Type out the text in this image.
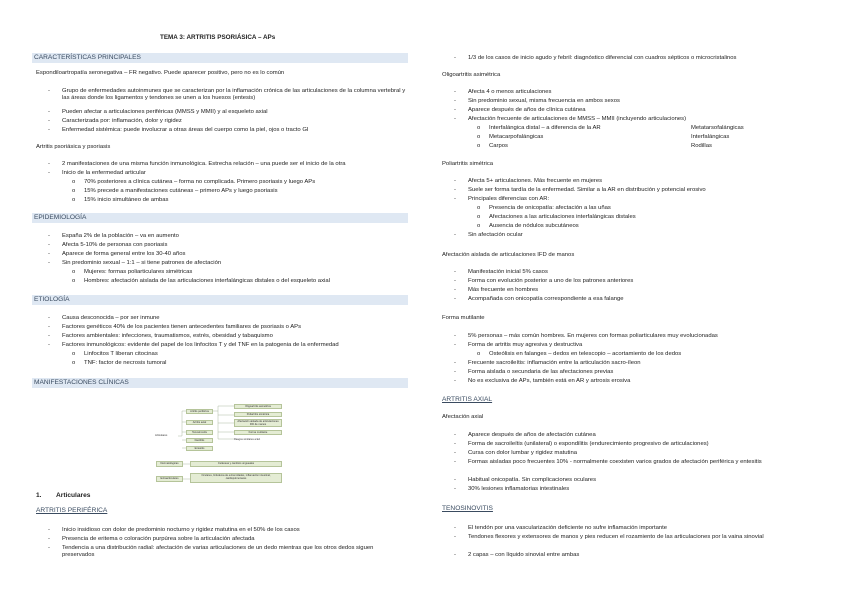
TEMA 3: ARTRITIS PSORIÁSICA – APs
CARACTERÍSTICAS PRINCIPALES
Espondiloartropatía seronegativa – FR negativo. Puede aparecer positivo, pero no es lo común
- Grupo de enfermedades autoinmunes que se caracterizan por la inflamación crónica de las articulaciones de la columna vertebral y las áreas donde los ligamentos y tendones se unen a los huesos (entesis)
- Pueden afectar a articulaciones periféricas (MMSS y MMII) y al esqueleto axial
- Caracterizada por: inflamación, dolor y rigidez
- Enfermedad sistémica: puede involucrar a otras áreas del cuerpo como la piel, ojos o tracto GI
Artritis psoriásica y psoriasis
- 2 manifestaciones de una misma función inmunológica. Estrecha relación – una puede ser el inicio de la otra
- Inicio de la enfermedad articular
o 70% posteriores a clínica cutánea – forma no complicada. Primero psoriasis y luego APs
o 15% precede a manifestaciones cutáneas – primero APs y luego psoriasis
o 15% inicio simultáneo de ambas
EPIDEMIOLOGÍA
- España 2% de la población – va en aumento
- Afecta 5-10% de personas con psoriasis
- Aparece de forma general entre los 30-40 años
- Sin predominio sexual – 1:1 – si tiene patrones de afectación
o Mujeres: formas poliarticulares simétricas
o Hombres: afectación aislada de las articulaciones interfalángicas distales o del esqueleto axial
ETIOLOGÍA
- Causa desconocida – por ser inmune
- Factores genéticos 40% de los pacientes tienen antecedentes familiares de psoriasis o APs
- Factores ambientales: infecciones, traumatismos, estrés, obesidad y tabaquismo
- Factores inmunológicos: evidente del papel de los linfocitos T y del TNF en la patogenia de la enfermedad
o Linfocitos T liberan citocinas
o TNF: factor de necrosis tumoral
MANIFESTACIONES CLÍNICAS
Articulares
Artritis periférica
Artritis axial
Tenosinovitis
Dactilitis
Entesitis
Oligoartritis asimétrica
Poliartritis simétrica
Afectación aislada de articulaciones IFD de manos
Forma mutilante
Rasgos similares a EA
Dermatológicas	Cutáneas y cambios ungueales
Extraarticulares
Oculares, linfedema de extremidades, inflamación intestinal, cardiopulmonares
1. Articulares
ARTRITIS PERIFÉRICA
- Inicio insidioso con dolor de predominio nocturno y rigidez matutina en el 50% de los casos
- Presencia de eritema o coloración purpúrea sobre la articulación afectada
- Tendencia a una distribución radial: afectación de varias articulaciones de un dedo mientras que los otros dedos siguen preservados
- 1/3 de los casos de inicio agudo y febril: diagnóstico diferencial con cuadros sépticos o microcristalinos
Oligoartritis asimétrica
- Afecta 4 o menos articulaciones
- Sin predominio sexual, misma frecuencia en ambos sexos
- Aparece después de años de clínica cutánea
- Afectación frecuente de articulaciones de MMSS – MMII (incluyendo articulaciones)
o Interfalángica distal – a diferencia de la AR
o Metacarpofalángicas
o Carpos
Metatarsofalángicas
Interfalángicas
Rodillas
Poliartritis simétrica
- Afecta 5+ articulaciones. Más frecuente en mujeres
- Suele ser forma tardía de la enfermedad. Similar a la AR en distribución y potencial erosivo
- Principales diferencias con AR:
o Presencia de onicopatía: afectación a las uñas
o Afectaciones a las articulaciones interfalángicas distales
o Ausencia de nódulos subcutáneos
- Sin afectación ocular
Afectación aislada de articulaciones IFD de manos
- Manifestación inicial 5% casos
- Forma con evolución posterior a uno de los patrones anteriores
- Más frecuente en hombres
- Acompañada con onicopatía correspondiente a esa falange
Forma mutilante
- 5% personas – más común hombres. En mujeres con formas poliarticulares muy evolucionadas
- Forma de artritis muy agresiva y destructiva
o Osteólisis en falanges – dedos en telescopio – acortamiento de los dedos
- Frecuente sacroileítis: inflamación entre la articulación sacro-íleon
- Forma aislada o secundaria de las afectaciones previas
- No es exclusiva de APs, también está en AR y artrosis erosiva
ARTRITIS AXIAL
Afectación axial
- Aparece después de años de afectación cutánea
- Forma de sacroileítis (unilateral) o espondilitis (endurecimiento progresivo de articulaciones)
- Cursa con dolor lumbar y rigidez matutina
- Formas aisladas poco frecuentes 10% - normalmente coexisten varios grados de afectación periférica y entesitis
- Habitual onicopatía. Sin complicaciones oculares
- 30% lesiones inflamatorias intestinales
TENOSINOVITIS
- El tendón por una vascularización deficiente no sufre inflamación importante
- Tendones flexores y extensores de manos y pies reducen el rozamiento de las articulaciones por la vaina sinovial
- 2 capas – con líquido sinovial entre ambas
